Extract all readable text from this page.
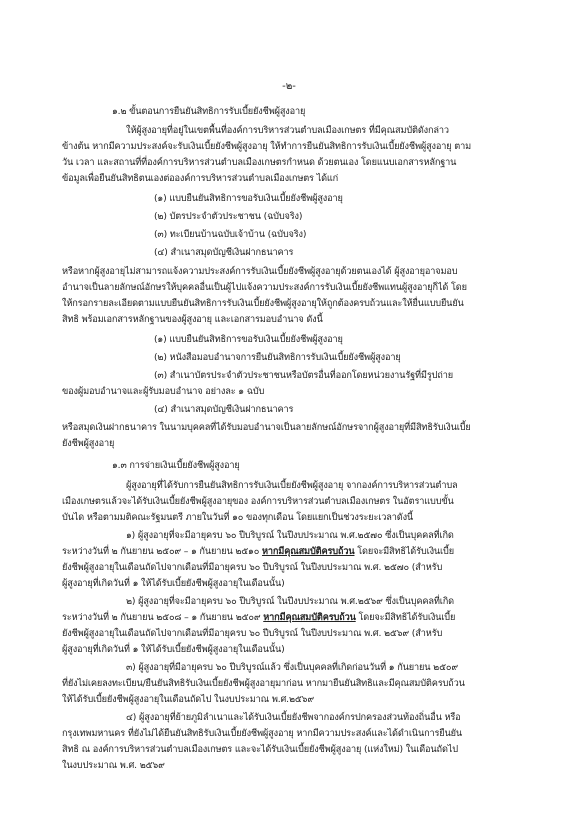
-๒-
๑.๒ ขั้นตอนการยืนยันสิทธิการรับเบี้ยยังชีพผู้สูงอายุ
ให้ผู้สูงอายุที่อยู่ในเขตพื้นที่องค์การบริหารส่วนตำบลเมืองเกษตร ที่มีคุณสมบัติดังกล่าว
ข้างต้น หากมีความประสงค์จะรับเงินเบี้ยยังชีพผู้สูงอายุ ให้ทำการยืนยันสิทธิการรับเงินเบี้ยยังชีพผู้สูงอายุ ตาม
วัน เวลา และสถานที่ที่องค์การบริหารส่วนตำบลเมืองเกษตรกำหนด ด้วยตนเอง โดยแนบเอกสารหลักฐาน
ข้อมูลเพื่อยืนยันสิทธิตนเองต่อองค์การบริหารส่วนตำบลเมืองเกษตร ได้แก่
(๑) แบบยืนยันสิทธิการขอรับเงินเบี้ยยังชีพผู้สูงอายุ
(๒) บัตรประจำตัวประชาชน (ฉบับจริง)
(๓) ทะเบียนบ้านฉบับเจ้าบ้าน (ฉบับจริง)
(๔) สำเนาสมุดบัญชีเงินฝากธนาคาร
หรือหากผู้สูงอายุไม่สามารถแจ้งความประสงค์การรับเงินเบี้ยยังชีพผู้สูงอายุด้วยตนเองได้ ผู้สูงอายุอาจมอบ
อำนาจเป็นลายลักษณ์อักษรให้บุคคลอื่นเป็นผู้ไปแจ้งความประสงค์การรับเงินเบี้ยยังชีพแทนผู้สูงอายุก็ได้ โดย
ให้กรอกรายละเอียดตามแบบยืนยันสิทธิการรับเงินเบี้ยยังชีพผู้สูงอายุให้ถูกต้องครบถ้วนและให้ยื่นแบบยืนยัน
สิทธิ พร้อมเอกสารหลักฐานของผู้สูงอายุ และเอกสารมอบอำนาจ ดังนี้
(๑) แบบยืนยันสิทธิการขอรับเงินเบี้ยยังชีพผู้สูงอายุ
(๒) หนังสือมอบอำนาจการยืนยันสิทธิการรับเงินเบี้ยยังชีพผู้สูงอายุ
(๓) สำเนาบัตรประจำตัวประชาชนหรือบัตรอื่นที่ออกโดยหน่วยงานรัฐที่มีรูปถ่าย
ของผู้มอบอำนาจและผู้รับมอบอำนาจ อย่างละ ๑ ฉบับ
(๔) สำเนาสมุดบัญชีเงินฝากธนาคาร
หรือสมุดเงินฝากธนาคาร ในนามบุคคลที่ได้รับมอบอำนาจเป็นลายลักษณ์อักษรจากผู้สูงอายุที่มีสิทธิรับเงินเบี้ย
ยังชีพผู้สูงอายุ
๑.๓ การจ่ายเงินเบี้ยยังชีพผู้สูงอายุ
ผู้สูงอายุที่ได้รับการยืนยันสิทธิการรับเงินเบี้ยยังชีพผู้สูงอายุ จากองค์การบริหารส่วนตำบล
เมืองเกษตรแล้วจะได้รับเงินเบี้ยยังชีพผู้สูงอายุของ องค์การบริหารส่วนตำบลเมืองเกษตร ในอัตราแบบขั้น
บันได หรือตามมติคณะรัฐมนตรี ภายในวันที่ ๑๐ ของทุกเดือน โดยแยกเป็นช่วงระยะเวลาดังนี้
๑) ผู้สูงอายุที่จะมีอายุครบ ๖๐ ปีบริบูรณ์ ในปีงบประมาณ พ.ศ.๒๕๗๐ ซึ่งเป็นบุคคลที่เกิด
ระหว่างวันที่ ๒ กันยายน ๒๕๐๙ – ๑ กันยายน ๒๕๑๐ หากมีคุณสมบัติครบถ้วน โดยจะมีสิทธิได้รับเงินเบี้ย
ยังชีพผู้สูงอายุในเดือนถัดไปจากเดือนที่มีอายุครบ ๖๐ ปีบริบูรณ์ ในปีงบประมาณ พ.ศ. ๒๕๗๐ (สำหรับ
ผู้สูงอายุที่เกิดวันที่ ๑ ให้ได้รับเบี้ยยังชีพผู้สูงอายุในเดือนนั้น)
๒) ผู้สูงอายุที่จะมีอายุครบ ๖๐ ปีบริบูรณ์ ในปีงบประมาณ พ.ศ.๒๕๖๙ ซึ่งเป็นบุคคลที่เกิด
ระหว่างวันที่ ๒ กันยายน ๒๕๐๘ – ๑ กันยายน ๒๕๐๙ หากมีคุณสมบัติครบถ้วน โดยจะมีสิทธิได้รับเงินเบี้ย
ยังชีพผู้สูงอายุในเดือนถัดไปจากเดือนที่มีอายุครบ ๖๐ ปีบริบูรณ์ ในปีงบประมาณ พ.ศ. ๒๕๖๙ (สำหรับ
ผู้สูงอายุที่เกิดวันที่ ๑ ให้ได้รับเบี้ยยังชีพผู้สูงอายุในเดือนนั้น)
๓) ผู้สูงอายุที่มีอายุครบ ๖๐ ปีบริบูรณ์แล้ว ซึ่งเป็นบุคคลที่เกิดก่อนวันที่ ๑ กันยายน ๒๕๐๙
ที่ยังไม่เคยลงทะเบียน/ยืนยันสิทธิรับเงินเบี้ยยังชีพผู้สูงอายุมาก่อน หากมายืนยันสิทธิและมีคุณสมบัติครบถ้วน
ให้ได้รับเบี้ยยังชีพผู้สูงอายุในเดือนถัดไป ในงบประมาณ พ.ศ.๒๕๖๙
๔) ผู้สูงอายุที่ย้ายภูมิลำเนาและได้รับเงินเบี้ยยังชีพจากองค์กรปกครองส่วนท้องถิ่นอื่น หรือ
กรุงเทพมหานคร ที่ยังไม่ได้ยืนยันสิทธิรับเงินเบี้ยยังชีพผู้สูงอายุ หากมีความประสงค์และได้ดำเนินการยืนยัน
สิทธิ ณ องค์การบริหารส่วนตำบลเมืองเกษตร และจะได้รับเงินเบี้ยยังชีพผู้สูงอายุ (แห่งใหม่) ในเดือนถัดไป
ในงบประมาณ พ.ศ. ๒๕๖๙
